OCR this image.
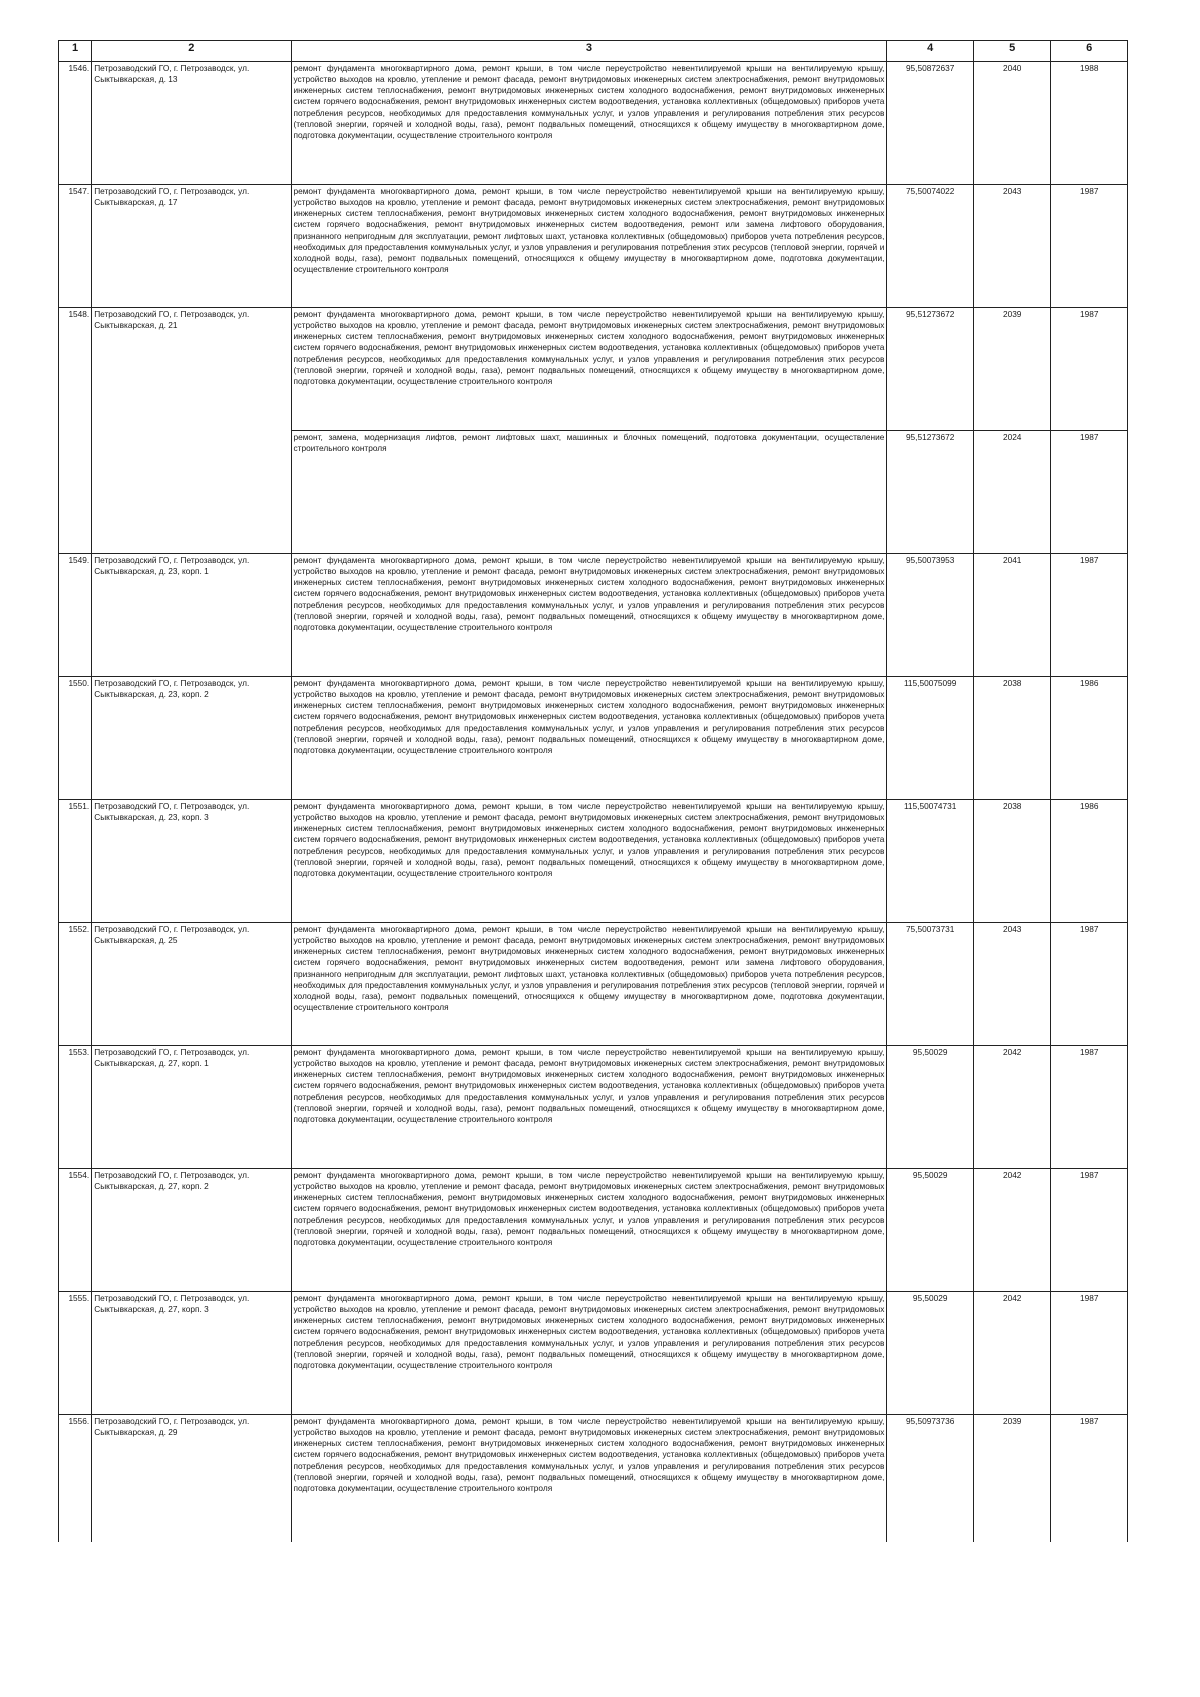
1	2	3	4	5	6
1546.	Петрозаводский ГО, г. Петрозаводск, ул. Сыктывкарская, д. 13	ремонт фундамента многоквартирного дома, ремонт крыши, в том числе переустройство невентилируемой крыши на вентилируемую крышу, устройство выходов на кровлю, утепление и ремонт фасада, ремонт внутридомовых инженерных систем электроснабжения, ремонт внутридомовых инженерных систем теплоснабжения, ремонт внутридомовых инженерных систем холодного водоснабжения, ремонт внутридомовых инженерных систем горячего водоснабжения, ремонт внутридомовых инженерных систем водоотведения, установка коллективных (общедомовых) приборов учета потребления ресурсов, необходимых для предоставления коммунальных услуг, и узлов управления и регулирования потребления этих ресурсов (тепловой энергии, горячей и холодной воды, газа), ремонт подвальных помещений, относящихся к общему имуществу в многоквартирном доме, подготовка документации, осуществление строительного контроля	95,50872637	2040	1988
1547.	Петрозаводский ГО, г. Петрозаводск, ул. Сыктывкарская, д. 17	ремонт фундамента многоквартирного дома, ремонт крыши, в том числе переустройство невентилируемой крыши на вентилируемую крышу, устройство выходов на кровлю, утепление и ремонт фасада, ремонт внутридомовых инженерных систем электроснабжения, ремонт внутридомовых инженерных систем теплоснабжения, ремонт внутридомовых инженерных систем холодного водоснабжения, ремонт внутридомовых инженерных систем горячего водоснабжения, ремонт внутридомовых инженерных систем водоотведения, ремонт или замена лифтового оборудования, признанного непригодным для эксплуатации, ремонт лифтовых шахт, установка коллективных (общедомовых) приборов учета потребления ресурсов, необходимых для предоставления коммунальных услуг, и узлов управления и регулирования потребления этих ресурсов (тепловой энергии, горячей и холодной воды, газа), ремонт подвальных помещений, относящихся к общему имуществу в многоквартирном доме, подготовка документации, осуществление строительного контроля	75,50074022	2043	1987
1548.	Петрозаводский ГО, г. Петрозаводск, ул. Сыктывкарская, д. 21	ремонт фундамента многоквартирного дома, ремонт крыши, в том числе переустройство невентилируемой крыши на вентилируемую крышу, устройство выходов на кровлю, утепление и ремонт фасада, ремонт внутридомовых инженерных систем электроснабжения, ремонт внутридомовых инженерных систем теплоснабжения, ремонт внутридомовых инженерных систем холодного водоснабжения, ремонт внутридомовых инженерных систем горячего водоснабжения, ремонт внутридомовых инженерных систем водоотведения, установка коллективных (общедомовых) приборов учета потребления ресурсов, необходимых для предоставления коммунальных услуг, и узлов управления и регулирования потребления этих ресурсов (тепловой энергии, горячей и холодной воды, газа), ремонт подвальных помещений, относящихся к общему имуществу в многоквартирном доме, подготовка документации, осуществление строительного контроля	95,51273672	2039	1987
		ремонт, замена, модернизация лифтов, ремонт лифтовых шахт, машинных и блочных помещений, подготовка документации, осуществление строительного контроля	95,51273672	2024	1987
1549.	Петрозаводский ГО, г. Петрозаводск, ул. Сыктывкарская, д. 23, корп. 1	ремонт фундамента многоквартирного дома, ремонт крыши, в том числе переустройство невентилируемой крыши на вентилируемую крышу, устройство выходов на кровлю, утепление и ремонт фасада, ремонт внутридомовых инженерных систем электроснабжения, ремонт внутридомовых инженерных систем теплоснабжения, ремонт внутридомовых инженерных систем холодного водоснабжения, ремонт внутридомовых инженерных систем горячего водоснабжения, ремонт внутридомовых инженерных систем водоотведения, установка коллективных (общедомовых) приборов учета потребления ресурсов, необходимых для предоставления коммунальных услуг, и узлов управления и регулирования потребления этих ресурсов (тепловой энергии, горячей и холодной воды, газа), ремонт подвальных помещений, относящихся к общему имуществу в многоквартирном доме, подготовка документации, осуществление строительного контроля	95,50073953	2041	1987
1550.	Петрозаводский ГО, г. Петрозаводск, ул. Сыктывкарская, д. 23, корп. 2	ремонт фундамента многоквартирного дома, ремонт крыши, в том числе переустройство невентилируемой крыши на вентилируемую крышу, устройство выходов на кровлю, утепление и ремонт фасада, ремонт внутридомовых инженерных систем электроснабжения, ремонт внутридомовых инженерных систем теплоснабжения, ремонт внутридомовых инженерных систем холодного водоснабжения, ремонт внутридомовых инженерных систем горячего водоснабжения, ремонт внутридомовых инженерных систем водоотведения, установка коллективных (общедомовых) приборов учета потребления ресурсов, необходимых для предоставления коммунальных услуг, и узлов управления и регулирования потребления этих ресурсов (тепловой энергии, горячей и холодной воды, газа), ремонт подвальных помещений, относящихся к общему имуществу в многоквартирном доме, подготовка документации, осуществление строительного контроля	115,50075099	2038	1986
1551.	Петрозаводский ГО, г. Петрозаводск, ул. Сыктывкарская, д. 23, корп. 3	ремонт фундамента многоквартирного дома, ремонт крыши, в том числе переустройство невентилируемой крыши на вентилируемую крышу, устройство выходов на кровлю, утепление и ремонт фасада, ремонт внутридомовых инженерных систем электроснабжения, ремонт внутридомовых инженерных систем теплоснабжения, ремонт внутридомовых инженерных систем холодного водоснабжения, ремонт внутридомовых инженерных систем горячего водоснабжения, ремонт внутридомовых инженерных систем водоотведения, установка коллективных (общедомовых) приборов учета потребления ресурсов, необходимых для предоставления коммунальных услуг, и узлов управления и регулирования потребления этих ресурсов (тепловой энергии, горячей и холодной воды, газа), ремонт подвальных помещений, относящихся к общему имуществу в многоквартирном доме, подготовка документации, осуществление строительного контроля	115,50074731	2038	1986
1552.	Петрозаводский ГО, г. Петрозаводск, ул. Сыктывкарская, д. 25	ремонт фундамента многоквартирного дома, ремонт крыши, в том числе переустройство невентилируемой крыши на вентилируемую крышу, устройство выходов на кровлю, утепление и ремонт фасада, ремонт внутридомовых инженерных систем электроснабжения, ремонт внутридомовых инженерных систем теплоснабжения, ремонт внутридомовых инженерных систем холодного водоснабжения, ремонт внутридомовых инженерных систем горячего водоснабжения, ремонт внутридомовых инженерных систем водоотведения, ремонт или замена лифтового оборудования, признанного непригодным для эксплуатации, ремонт лифтовых шахт, установка коллективных (общедомовых) приборов учета потребления ресурсов, необходимых для предоставления коммунальных услуг, и узлов управления и регулирования потребления этих ресурсов (тепловой энергии, горячей и холодной воды, газа), ремонт подвальных помещений, относящихся к общему имуществу в многоквартирном доме, подготовка документации, осуществление строительного контроля	75,50073731	2043	1987
1553.	Петрозаводский ГО, г. Петрозаводск, ул. Сыктывкарская, д. 27, корп. 1	ремонт фундамента многоквартирного дома, ремонт крыши, в том числе переустройство невентилируемой крыши на вентилируемую крышу, устройство выходов на кровлю, утепление и ремонт фасада, ремонт внутридомовых инженерных систем электроснабжения, ремонт внутридомовых инженерных систем теплоснабжения, ремонт внутридомовых инженерных систем холодного водоснабжения, ремонт внутридомовых инженерных систем горячего водоснабжения, ремонт внутридомовых инженерных систем водоотведения, установка коллективных (общедомовых) приборов учета потребления ресурсов, необходимых для предоставления коммунальных услуг, и узлов управления и регулирования потребления этих ресурсов (тепловой энергии, горячей и холодной воды, газа), ремонт подвальных помещений, относящихся к общему имуществу в многоквартирном доме, подготовка документации, осуществление строительного контроля	95,50029	2042	1987
1554.	Петрозаводский ГО, г. Петрозаводск, ул. Сыктывкарская, д. 27, корп. 2	ремонт фундамента многоквартирного дома, ремонт крыши, в том числе переустройство невентилируемой крыши на вентилируемую крышу, устройство выходов на кровлю, утепление и ремонт фасада, ремонт внутридомовых инженерных систем электроснабжения, ремонт внутридомовых инженерных систем теплоснабжения, ремонт внутридомовых инженерных систем холодного водоснабжения, ремонт внутридомовых инженерных систем горячего водоснабжения, ремонт внутридомовых инженерных систем водоотведения, установка коллективных (общедомовых) приборов учета потребления ресурсов, необходимых для предоставления коммунальных услуг, и узлов управления и регулирования потребления этих ресурсов (тепловой энергии, горячей и холодной воды, газа), ремонт подвальных помещений, относящихся к общему имуществу в многоквартирном доме, подготовка документации, осуществление строительного контроля	95,50029	2042	1987
1555.	Петрозаводский ГО, г. Петрозаводск, ул. Сыктывкарская, д. 27, корп. 3	ремонт фундамента многоквартирного дома, ремонт крыши, в том числе переустройство невентилируемой крыши на вентилируемую крышу, устройство выходов на кровлю, утепление и ремонт фасада, ремонт внутридомовых инженерных систем электроснабжения, ремонт внутридомовых инженерных систем теплоснабжения, ремонт внутридомовых инженерных систем холодного водоснабжения, ремонт внутридомовых инженерных систем горячего водоснабжения, ремонт внутридомовых инженерных систем водоотведения, установка коллективных (общедомовых) приборов учета потребления ресурсов, необходимых для предоставления коммунальных услуг, и узлов управления и регулирования потребления этих ресурсов (тепловой энергии, горячей и холодной воды, газа), ремонт подвальных помещений, относящихся к общему имуществу в многоквартирном доме, подготовка документации, осуществление строительного контроля	95,50029	2042	1987
1556.	Петрозаводский ГО, г. Петрозаводск, ул. Сыктывкарская, д. 29	ремонт фундамента многоквартирного дома, ремонт крыши, в том числе переустройство невентилируемой крыши на вентилируемую крышу, устройство выходов на кровлю, утепление и ремонт фасада, ремонт внутридомовых инженерных систем электроснабжения, ремонт внутридомовых инженерных систем теплоснабжения, ремонт внутридомовых инженерных систем холодного водоснабжения, ремонт внутридомовых инженерных систем горячего водоснабжения, ремонт внутридомовых инженерных систем водоотведения, установка коллективных (общедомовых) приборов учета потребления ресурсов, необходимых для предоставления коммунальных услуг, и узлов управления и регулирования потребления этих ресурсов (тепловой энергии, горячей и холодной воды, газа), ремонт подвальных помещений, относящихся к общему имуществу в многоквартирном доме, подготовка документации, осуществление строительного контроля	95,50973736	2039	1987
